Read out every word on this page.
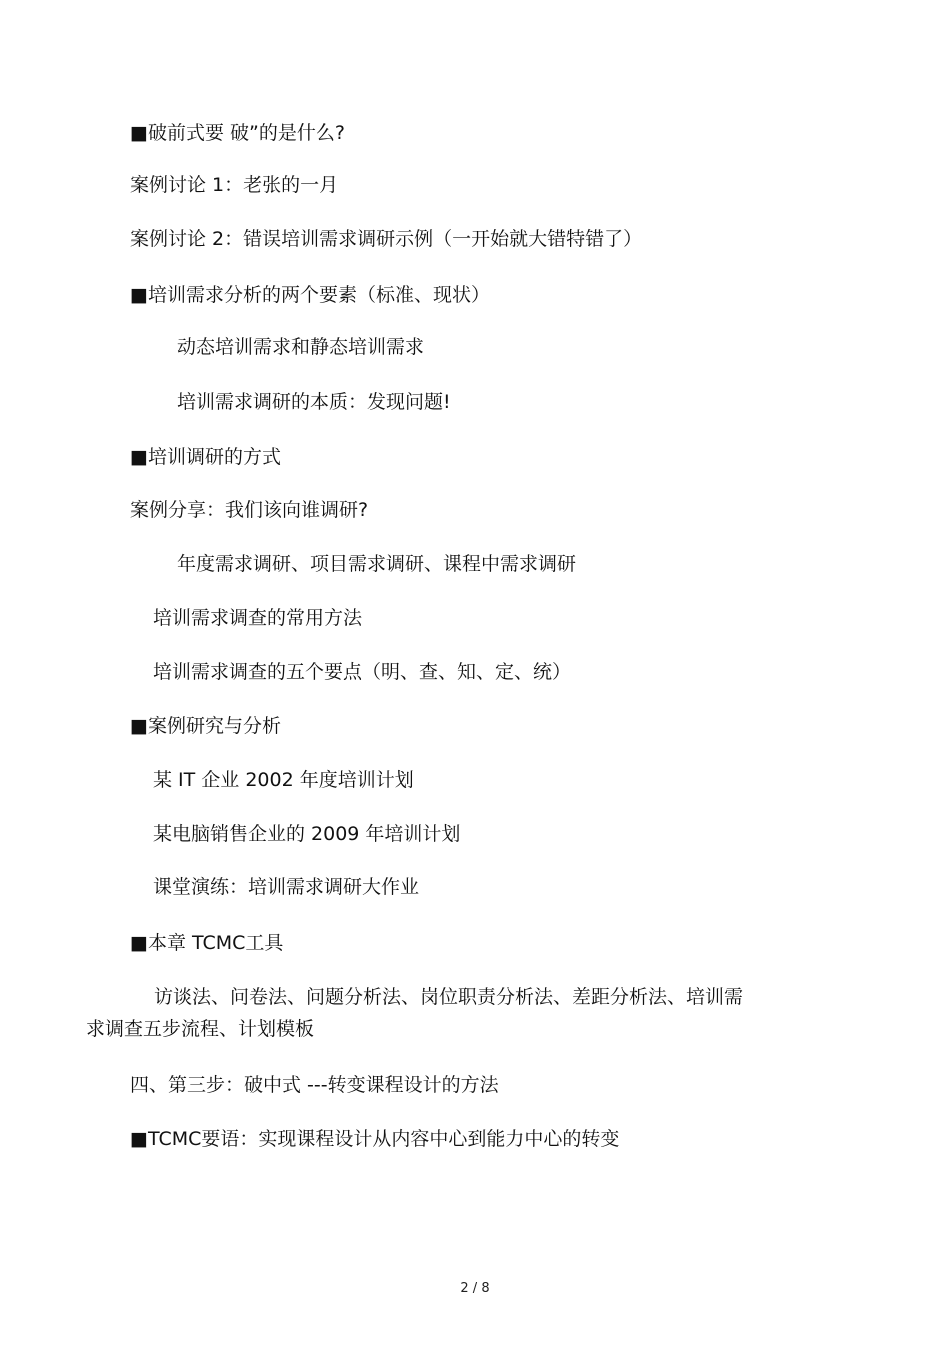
■破前式要 破”的是什么?
案例讨论 1：老张的一月
案例讨论 2：错误培训需求调研示例（一开始就大错特错了）
■培训需求分析的两个要素（标准、现状）
动态培训需求和静态培训需求
培训需求调研的本质：发现问题!
■培训调研的方式
案例分享：我们该向谁调研?
年度需求调研、项目需求调研、课程中需求调研
培训需求调查的常用方法
培训需求调查的五个要点（明、查、知、定、统）
■案例研究与分析
某 IT 企业 2002 年度培训计划
某电脑销售企业的 2009 年培训计划
课堂演练：培训需求调研大作业
■本章 TCMC工具
访谈法、问卷法、问题分析法、岗位职责分析法、差距分析法、培训需
求调查五步流程、计划模板
四、第三步：破中式 ---转变课程设计的方法
■TCMC要语：实现课程设计从内容中心到能力中心的转变
2 / 8
